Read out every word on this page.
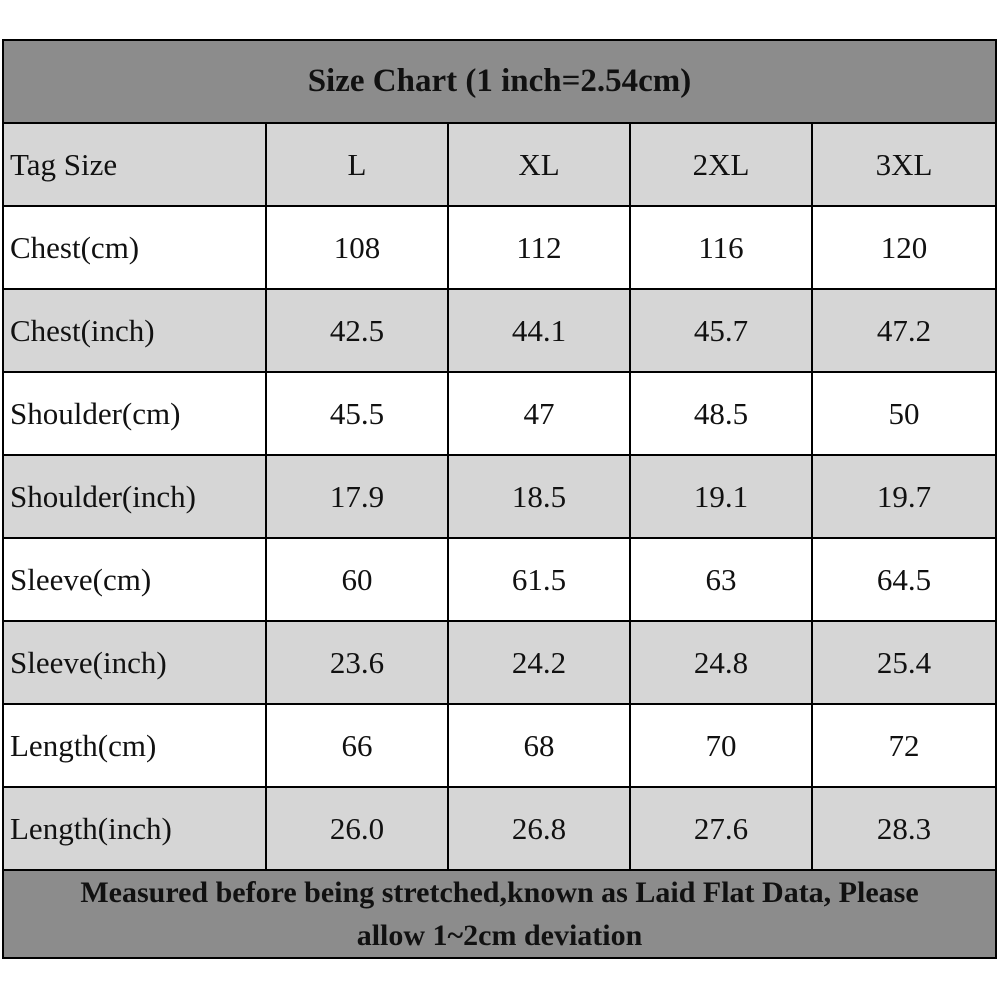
Size Chart (1 inch=2.54cm)
Tag Size	L	XL	2XL	3XL
Chest(cm)	108	112	116	120
Chest(inch)	42.5	44.1	45.7	47.2
Shoulder(cm)	45.5	47	48.5	50
Shoulder(inch)	17.9	18.5	19.1	19.7
Sleeve(cm)	60	61.5	63	64.5
Sleeve(inch)	23.6	24.2	24.8	25.4
Length(cm)	66	68	70	72
Length(inch)	26.0	26.8	27.6	28.3
Measured before being stretched,known as Laid Flat Data, Please
allow 1~2cm deviation
